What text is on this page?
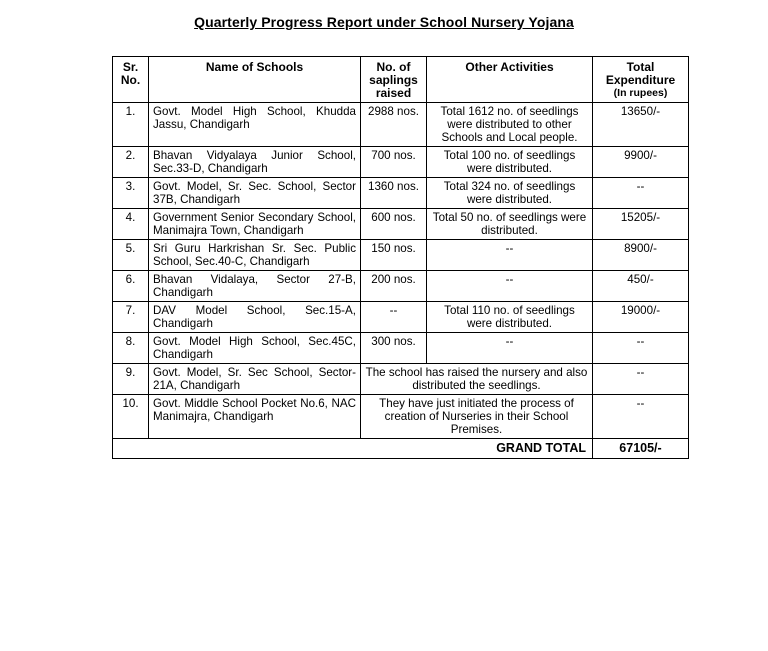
Quarterly Progress Report under School Nursery Yojana
Sr. No.	Name of Schools	No. of saplings raised	Other Activities	Total Expenditure
(In rupees)

1.	Govt. Model High School, Khudda Jassu, Chandigarh	2988 nos.	Total 1612 no. of seedlings were distributed to other Schools and Local people.	13650/-
2.	Bhavan Vidyalaya Junior School, Sec.33-D, Chandigarh	700 nos.	Total 100 no. of seedlings were distributed.	9900/-
3.	Govt. Model, Sr. Sec. School, Sector 37B, Chandigarh	1360 nos.	Total 324 no. of seedlings were distributed.	--
4.	Government Senior Secondary School, Manimajra Town, Chandigarh	600 nos.	Total 50 no. of seedlings were distributed.	15205/-
5.	Sri Guru Harkrishan Sr. Sec. Public School, Sec.40-C, Chandigarh	150 nos.	--	8900/-
6.	Bhavan Vidalaya, Sector 27-B, Chandigarh	200 nos.	--	450/-
7.	DAV Model School, Sec.15-A, Chandigarh	--	Total 110 no. of seedlings were distributed.	19000/-
8.	Govt. Model High School, Sec.45C, Chandigarh	300 nos.	--	--
9.	Govt. Model, Sr. Sec School, Sector-21A, Chandigarh	The school has raised the nursery and also distributed the seedlings.		--
10.	Govt. Middle School Pocket No.6, NAC Manimajra, Chandigarh	They have just initiated the process of creation of Nurseries in their School Premises.		--
GRAND TOTAL				67105/-
